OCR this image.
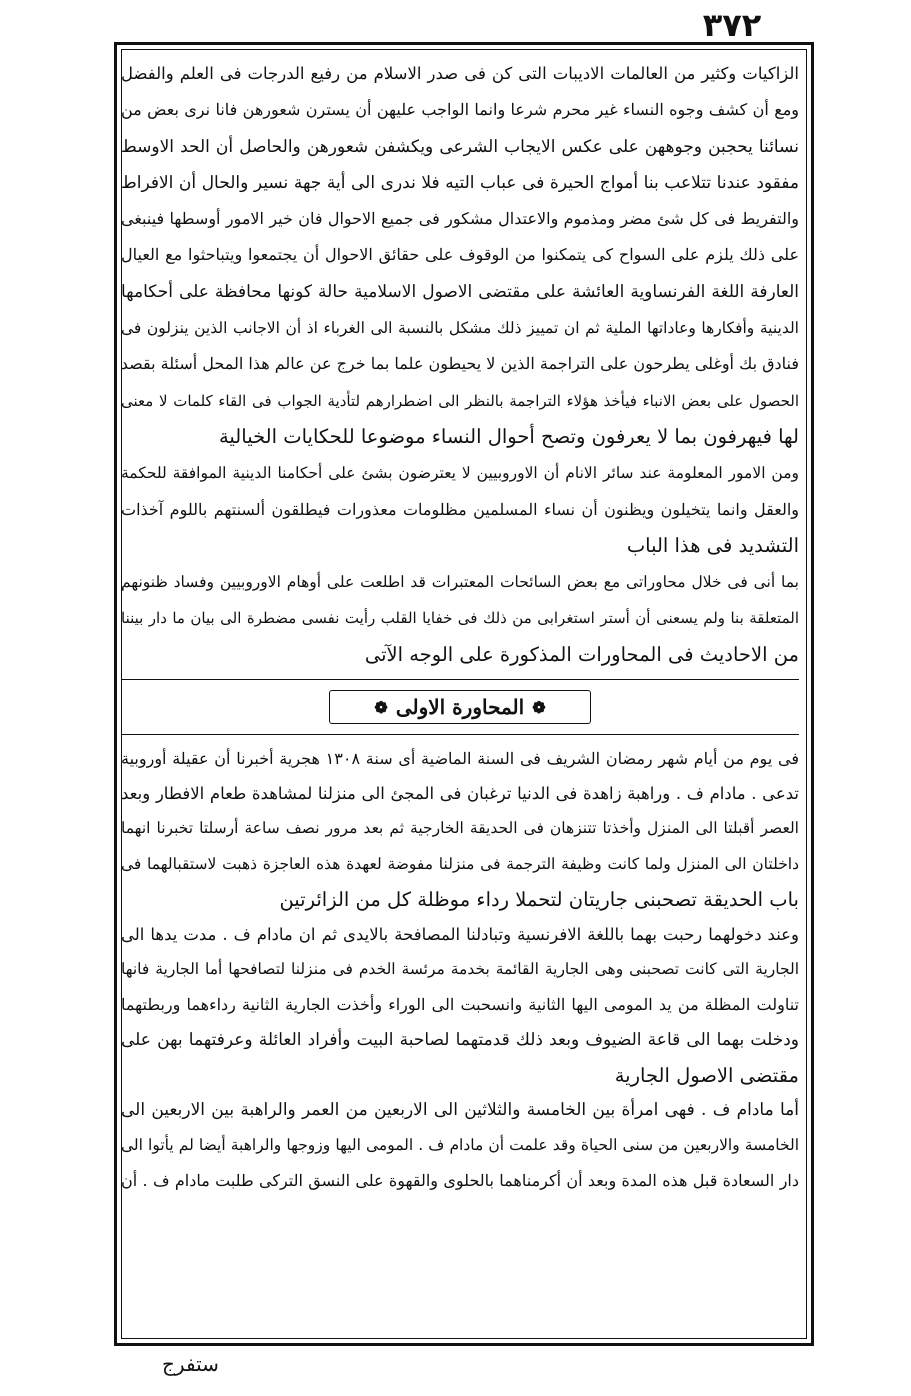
٣٧٢
الزاكيات وكثير من العالمات الاديبات التى كن فى صدر الاسلام من رفيع الدرجات فى العلم والفضل
ومع أن كشف وجوه النساء غير محرم شرعا وانما الواجب عليهن أن يسترن شعورهن فانا نرى بعض من
نسائنا يحجبن وجوههن على عكس الايجاب الشرعى ويكشفن شعورهن والحاصل أن الحد الاوسط
مفقود عندنا تتلاعب بنا أمواج الحيرة فى عباب التيه فلا ندرى الى أية جهة نسير والحال أن الافراط
والتفريط فى كل شئ مضر ومذموم والاعتدال مشكور فى جميع الاحوال فان خير الامور أوسطها فينبغى
على ذلك يلزم على السواح كى يتمكنوا من الوقوف على حقائق الاحوال أن يجتمعوا ويتباحثوا مع العيال
العارفة اللغة الفرنساوية العائشة على مقتضى الاصول الاسلامية حالة كونها محافظة على أحكامها
الدينية وأفكارها وعاداتها الملية ثم ان تمييز ذلك مشكل بالنسبة الى الغرباء اذ أن الاجانب الذين ينزلون فى
فنادق بك أوغلى يطرحون على التراجمة الذين لا يحيطون علما بما خرج عن عالم هذا المحل أسئلة بقصد
الحصول على بعض الانباء فيأخذ هؤلاء التراجمة بالنظر الى اضطرارهم لتأدية الجواب فى القاء كلمات لا معنى
لها فيهرفون بما لا يعرفون وتصح أحوال النساء موضوعا للحكايات الخيالية
ومن الامور المعلومة عند سائر الانام أن الاوروبيين لا يعترضون بشئ على أحكامنا الدينية الموافقة للحكمة
والعقل وانما يتخيلون ويظنون أن نساء المسلمين مظلومات معذورات فيطلقون ألسنتهم باللوم آخذات
التشديد فى هذا الباب
بما أنى فى خلال محاوراتى مع بعض السائحات المعتبرات قد اطلعت على أوهام الاوروبيين وفساد ظنونهم
المتعلقة بنا ولم يسعنى أن أستر استغرابى من ذلك فى خفايا القلب رأيت نفسى مضطرة الى بيان ما دار بيننا
من الاحاديث فى المحاورات المذكورة على الوجه الآتى
❁
المحاورة الاولى
❁
فى يوم من أيام شهر رمضان الشريف فى السنة الماضية أى سنة ١٣٠٨ هجرية أخبرنا أن عقيلة أوروبية
تدعى . مادام ف . وراهبة زاهدة فى الدنيا ترغبان فى المجئ الى منزلنا لمشاهدة طعام الافطار وبعد
العصر أقبلتا الى المنزل وأخذتا تتنزهان فى الحديقة الخارجية ثم بعد مرور نصف ساعة أرسلتا تخبرنا انهما
داخلتان الى المنزل ولما كانت وظيفة الترجمة فى منزلنا مفوضة لعهدة هذه العاجزة ذهبت لاستقبالهما فى
باب الحديقة تصحبنى جاريتان لتحملا رداء موظلة كل من الزائرتين
وعند دخولهما رحبت بهما باللغة الافرنسية وتبادلنا المصافحة بالايدى ثم ان مادام ف . مدت يدها الى
الجارية التى كانت تصحبنى وهى الجارية القائمة بخدمة مرئسة الخدم فى منزلنا لتصافحها أما الجارية فانها
تناولت المظلة من يد المومى اليها الثانية وانسحبت الى الوراء وأخذت الجارية الثانية رداءهما وربطتهما
ودخلت بهما الى قاعة الضيوف وبعد ذلك قدمتهما لصاحبة البيت وأفراد العائلة وعرفتهما بهن على
مقتضى الاصول الجارية
أما مادام ف . فهى امرأة بين الخامسة والثلاثين الى الاربعين من العمر والراهبة بين الاربعين الى
الخامسة والاربعين من سنى الحياة وقد علمت أن مادام ف . المومى اليها وزوجها والراهبة أيضا لم يأتوا الى
دار السعادة قبل هذه المدة وبعد أن أكرمناهما بالحلوى والقهوة على النسق التركى طلبت مادام ف . أن
ستفرج
